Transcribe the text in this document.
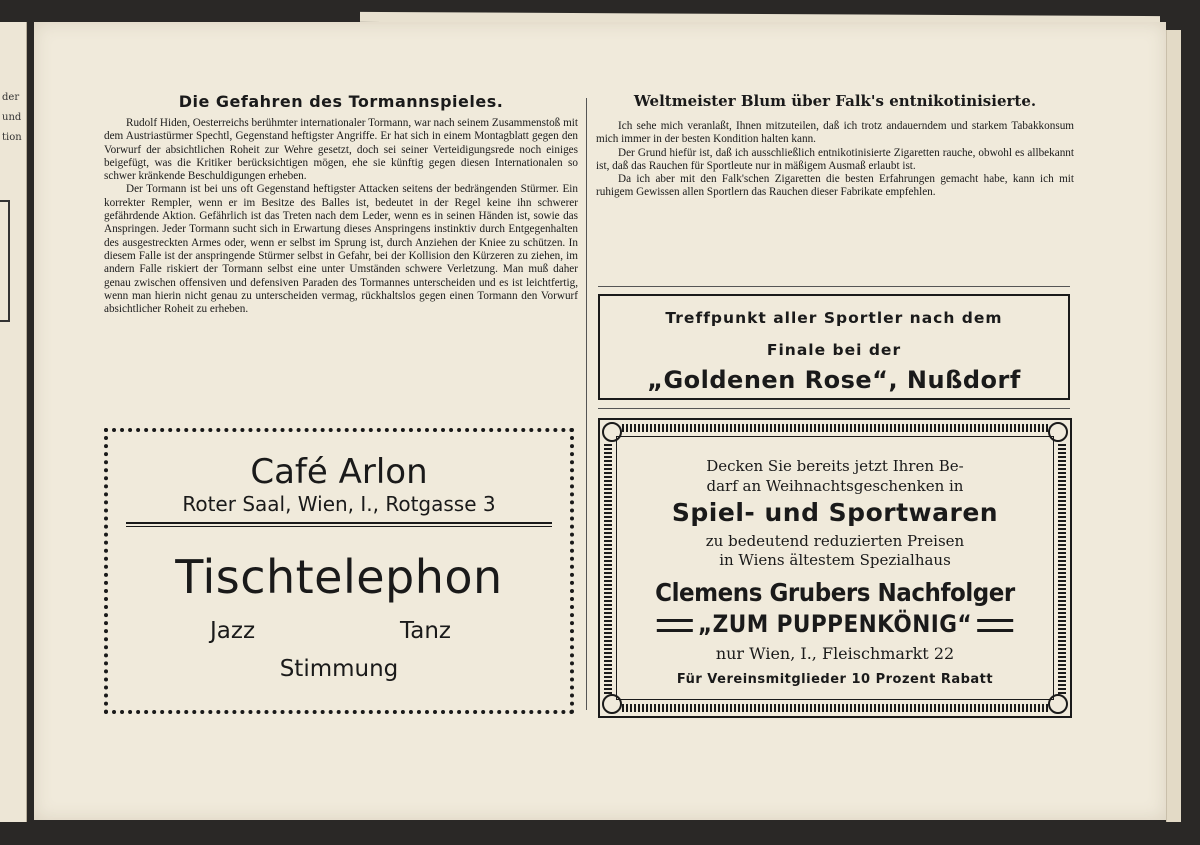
der
und
tion
Die Gefahren des Tormannspieles.

Rudolf Hiden, Oesterreichs berühmter internationaler Tormann, war nach seinem Zusammenstoß mit dem Austriastürmer Spechtl, Gegenstand heftigster Angriffe. Er hat sich in einem Montagblatt gegen den Vorwurf der absichtlichen Roheit zur Wehre gesetzt, doch sei seiner Verteidigungsrede noch einiges beigefügt, was die Kritiker berücksichtigen mögen, ehe sie künftig gegen diesen Internationalen so schwer kränkende Beschuldigungen erheben.

Der Tormann ist bei uns oft Gegenstand heftigster Attacken seitens der bedrängenden Stürmer. Ein korrekter Rempler, wenn er im Besitze des Balles ist, bedeutet in der Regel keine ihn schwerer gefährdende Aktion. Gefährlich ist das Treten nach dem Leder, wenn es in seinen Händen ist, sowie das Anspringen. Jeder Tormann sucht sich in Erwartung dieses Anspringens instinktiv durch Entgegenhalten des ausgestreckten Armes oder, wenn er selbst im Sprung ist, durch Anziehen der Kniee zu schützen. In diesem Falle ist der anspringende Stürmer selbst in Gefahr, bei der Kollision den Kürzeren zu ziehen, im andern Falle riskiert der Tormann selbst eine unter Umständen schwere Verletzung. Man muß daher genau zwischen offensiven und defensiven Paraden des Tormannes unterscheiden und es ist leichtfertig, wenn man hierin nicht genau zu unterscheiden vermag, rückhaltslos gegen einen Tormann den Vorwurf absichtlicher Roheit zu erheben.

Weltmeister Blum über Falk's entnikotinisierte.

Ich sehe mich veranlaßt, Ihnen mitzuteilen, daß ich trotz andauerndem und starkem Tabakkonsum mich immer in der besten Kondition halten kann.

Der Grund hiefür ist, daß ich ausschließlich entnikotinisierte Zigaretten rauche, obwohl es allbekannt ist, daß das Rauchen für Sportleute nur in mäßigem Ausmaß erlaubt ist.

Da ich aber mit den Falk'schen Zigaretten die besten Erfahrungen gemacht habe, kann ich mit ruhigem Gewissen allen Sportlern das Rauchen dieser Fabrikate empfehlen.

Café Arlon
Roter Saal, Wien, I., Rotgasse 3
Tischtelephon
Jazz	Tanz
Stimmung
Treffpunkt aller Sportler nach dem
Finale bei der
„Goldenen Rose“, Nußdorf
Decken Sie bereits jetzt Ihren Be-
darf an Weihnachtsgeschenken in
Spiel- und Sportwaren
zu bedeutend reduzierten Preisen
in Wiens ältestem Spezialhaus
Clemens Grubers Nachfolger
„ZUM PUPPENKÖNIG“
nur Wien, I., Fleischmarkt 22
Für Vereinsmitglieder 10 Prozent Rabatt
